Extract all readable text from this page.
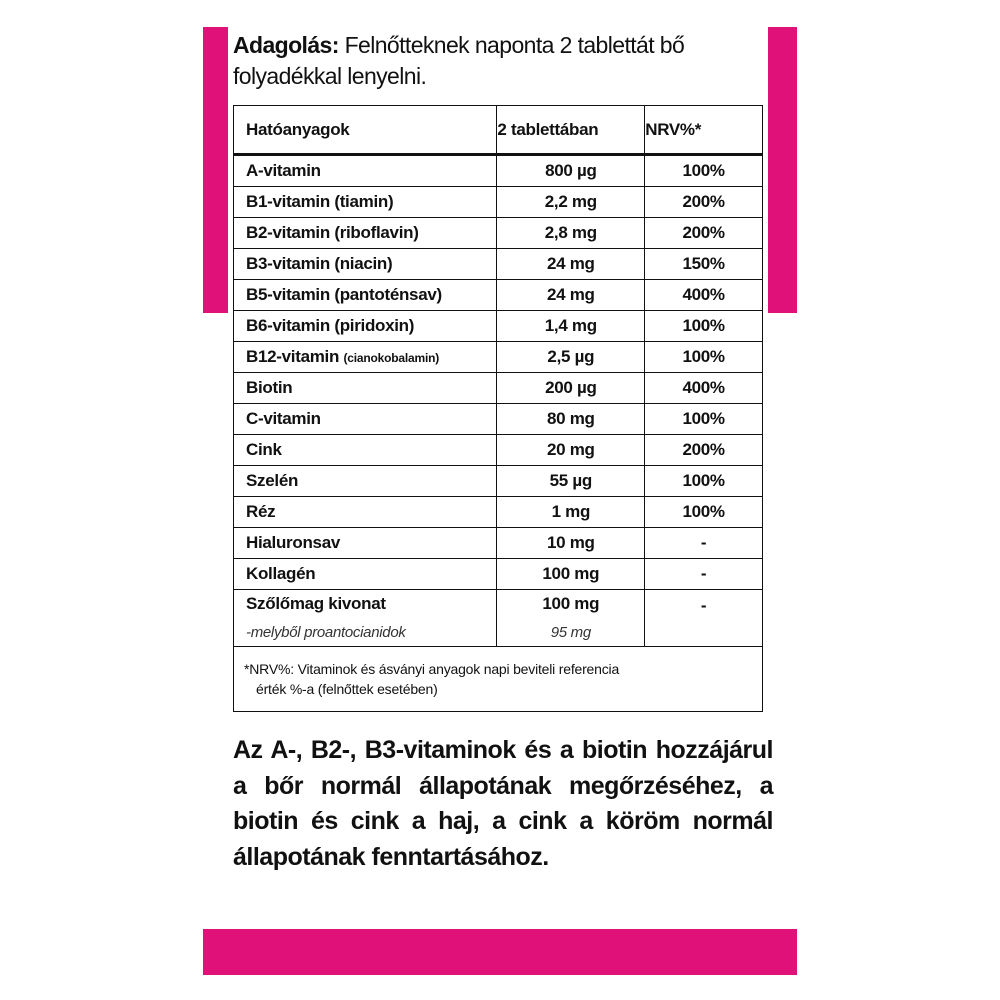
Adagolás: Felnőtteknek naponta 2 tablettát bő folyadékkal lenyelni.
Hatóanyagok	2 tablettában	NRV%*
A-vitamin	800 µg	100%
B1-vitamin (tiamin)	2,2 mg	200%
B2-vitamin (riboflavin)	2,8 mg	200%
B3-vitamin (niacin)	24 mg	150%
B5-vitamin (pantoténsav)	24 mg	400%
B6-vitamin (piridoxin)	1,4 mg	100%
B12-vitamin (cianokobalamin)	2,5 µg	100%
Biotin	200 µg	400%
C-vitamin	80 mg	100%
Cink	20 mg	200%
Szelén	55 µg	100%
Réz	1 mg	100%
Hialuronsav	10 mg	-
Kollagén	100 mg	-
Szőlőmag kivonat	100 mg	-
-melyből proantocianidok	95 mg	

*NRV%: Vitaminok és ásványi anyagok napi beviteli referencia
érték %-a (felnőttek esetében)		
Az A-, B2-, B3-vitaminok és a biotin hozzájárul a bőr normál állapotának megőrzéséhez, a biotin és cink a haj, a cink a köröm normál állapotának fenntartásához.
